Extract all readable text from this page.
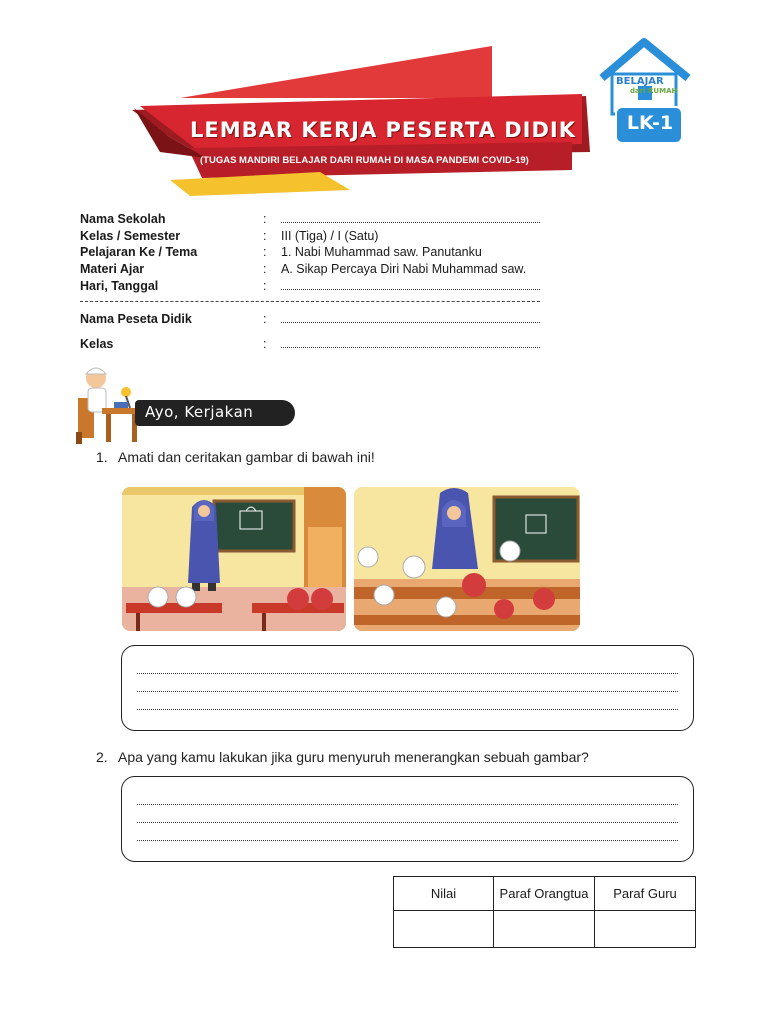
LEMBAR KERJA PESERTA DIDIK
(TUGAS MANDIRI BELAJAR DARI RUMAH DI MASA PANDEMI COVID-19)
BELAJAR
dari RUMAH
LK-1
Nama Sekolah	:
Kelas / Semester	: III (Tiga) / I (Satu)
Pelajaran Ke / Tema	: 1. Nabi Muhammad saw. Panutanku
Materi Ajar	: A. Sikap Percaya Diri Nabi Muhammad saw.
Hari, Tanggal	:
Nama Peseta Didik	:
Kelas	:
Ayo, Kerjakan
1. Amati dan ceritakan gambar di bawah ini!
2. Apa yang kamu lakukan jika guru menyuruh menerangkan sebuah gambar?
Nilai	Paraf Orangtua	Paraf Guru
